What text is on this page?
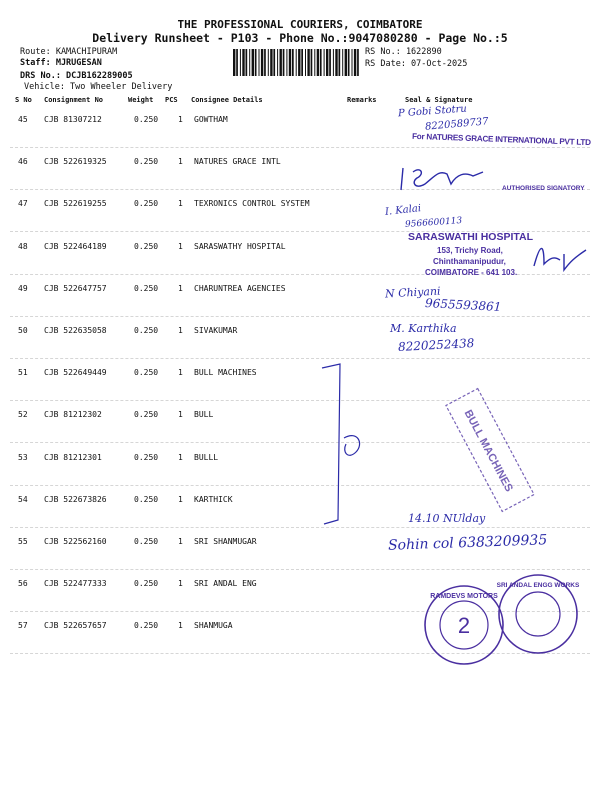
THE PROFESSIONAL COURIERS, COIMBATORE
Delivery Runsheet - P103 - Phone No.:9047080280 - Page No.:5
Route: KAMACHIPURAM
Staff: MJRUGESAN
DRS No.: DCJB162289005
Vehicle: Two Wheeler Delivery
RS No.: 1622890
RS Date: 07-Oct-2025
S No Consignment No	Weight PCS Consignee Details	Remarks	Seal & Signature
45 CJB 81307212	0.250 1 GOWTHAM
46 CJB 522619325	0.250 1 NATURES GRACE INTL
47 CJB 522619255	0.250 1 TEXRONICS CONTROL SYSTEM
48 CJB 522464189	0.250 1 SARASWATHY HOSPITAL
49 CJB 522647757	0.250 1 CHARUNTREA AGENCIES
50 CJB 522635058	0.250 1 SIVAKUMAR
51 CJB 522649449	0.250 1 BULL MACHINES
52 CJB 81212302	0.250 1 BULL
53 CJB 81212301	0.250 1 BULLL
54 CJB 522673826	0.250 1 KARTHICK
55 CJB 522562160	0.250 1 SRI SHANMUGAR
56 CJB 522477333	0.250 1 SRI ANDAL ENG
57 CJB 522657657	0.250 1 SHANMUGA
P Gobi Stotru
8220589737
For NATURES GRACE INTERNATIONAL PVT LTD
AUTHORISED SIGNATORY
I. Kalai
9566600113
SARASWATHI HOSPITAL
153, Trichy Road,
Chinthamanipudur,
COIMBATORE - 641 103.
N Chiyani
9655593861
M. Karthika
8220252438
BULL MACHINES
14.10 NUlday
Sohin col 6383209935
2
RAMDEVS MOTORS
SRI ANDAL ENGG WORKS
